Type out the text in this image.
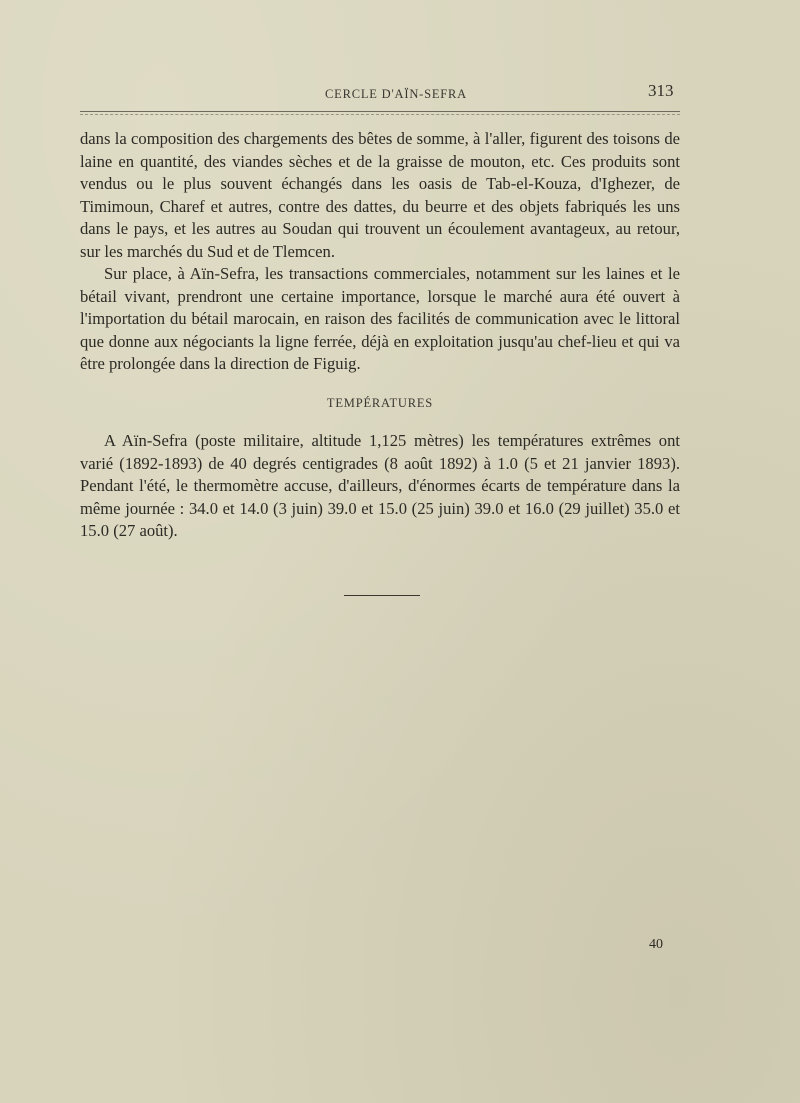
CERCLE D'AÏN-SEFRA	313

dans la composition des chargements des bêtes de somme, à l'aller, figurent des toisons de laine en quantité, des viandes sèches et de la graisse de mouton, etc. Ces produits sont vendus ou le plus souvent échangés dans les oasis de Tab-el-Kouza, d'Ighezer, de Timimoun, Charef et autres, contre des dattes, du beurre et des objets fabriqués les uns dans le pays, et les autres au Soudan qui trouvent un écoulement avantageux, au retour, sur les marchés du Sud et de Tlemcen.

Sur place, à Aïn-Sefra, les transactions commerciales, notamment sur les laines et le bétail vivant, prendront une certaine importance, lorsque le marché aura été ouvert à l'importation du bétail marocain, en raison des facilités de communication avec le littoral que donne aux négociants la ligne ferrée, déjà en exploitation jusqu'au chef-lieu et qui va être prolongée dans la direction de Figuig.

TEMPÉRATURES

A Aïn-Sefra (poste militaire, altitude 1,125 mètres) les températures extrêmes ont varié (1892-1893) de 40 degrés centigrades (8 août 1892) à 1.0 (5 et 21 janvier 1893). Pendant l'été, le thermomètre accuse, d'ailleurs, d'énormes écarts de température dans la même journée : 34.0 et 14.0 (3 juin) 39.0 et 15.0 (25 juin) 39.0 et 16.0 (29 juillet) 35.0 et 15.0 (27 août).

40
